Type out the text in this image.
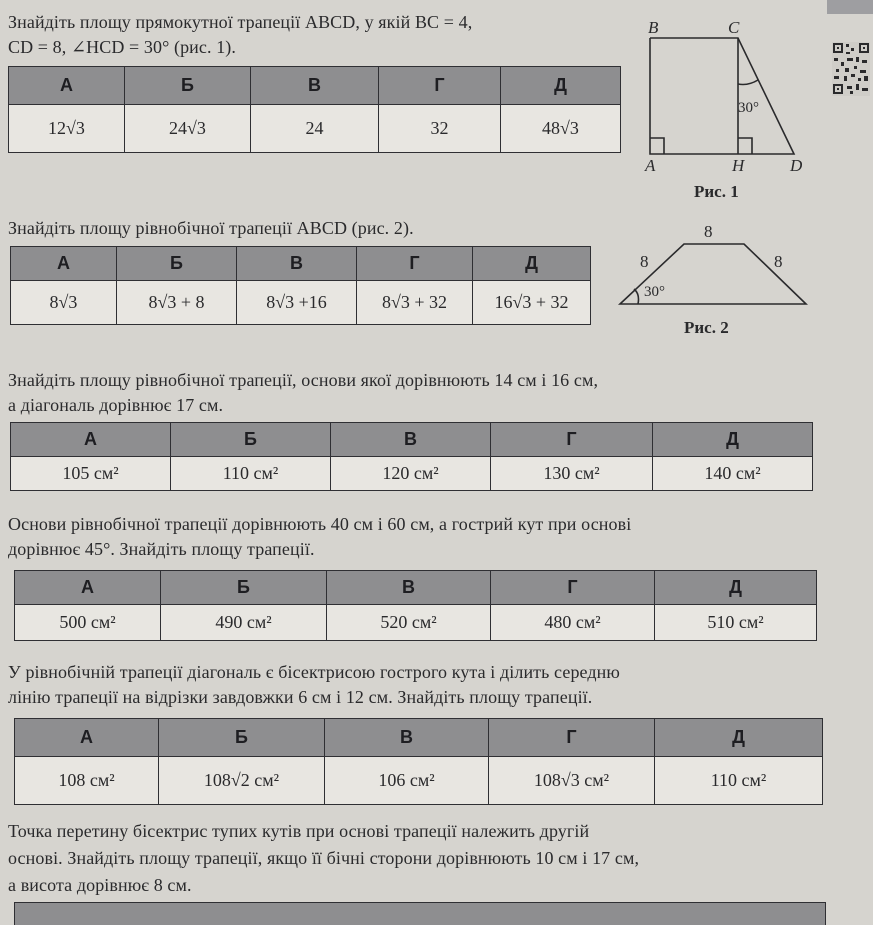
Знайдіть площу прямокутної трапеції ABCD, у якій BC = 4,
CD = 8, ∠HCD = 30° (рис. 1).
А	Б	В	Г	Д
12√3	24√3	24	32	48√3
B	C
A	H	D
30°
Рис. 1
Знайдіть площу рівнобічної трапеції ABCD (рис. 2).
А	Б	В	Г	Д
8√3	8√3 + 8	8√3 +16	8√3 + 32	16√3 + 32
8
8	8
30°
Рис. 2
Знайдіть площу рівнобічної трапеції, основи якої дорівнюють 14 см і 16 см,
а діагональ дорівнює 17 см.
А	Б	В	Г	Д
105 см²	110 см²	120 см²	130 см²	140 см²
Основи рівнобічної трапеції дорівнюють 40 см і 60 см, а гострий кут при основі
дорівнює 45°. Знайдіть площу трапеції.
А	Б	В	Г	Д
500 см²	490 см²	520 см²	480 см²	510 см²
У рівнобічній трапеції діагональ є бісектрисою гострого кута і ділить середню
лінію трапеції на відрізки завдовжки 6 см і 12 см. Знайдіть площу трапеції.
А	Б	В	Г	Д
108 см²	108√2 см²	106 см²	108√3 см²	110 см²
Точка перетину бісектрис тупих кутів при основі трапеції належить другій
основі. Знайдіть площу трапеції, якщо її бічні сторони дорівнюють 10 см і 17 см,
а висота дорівнює 8 см.
